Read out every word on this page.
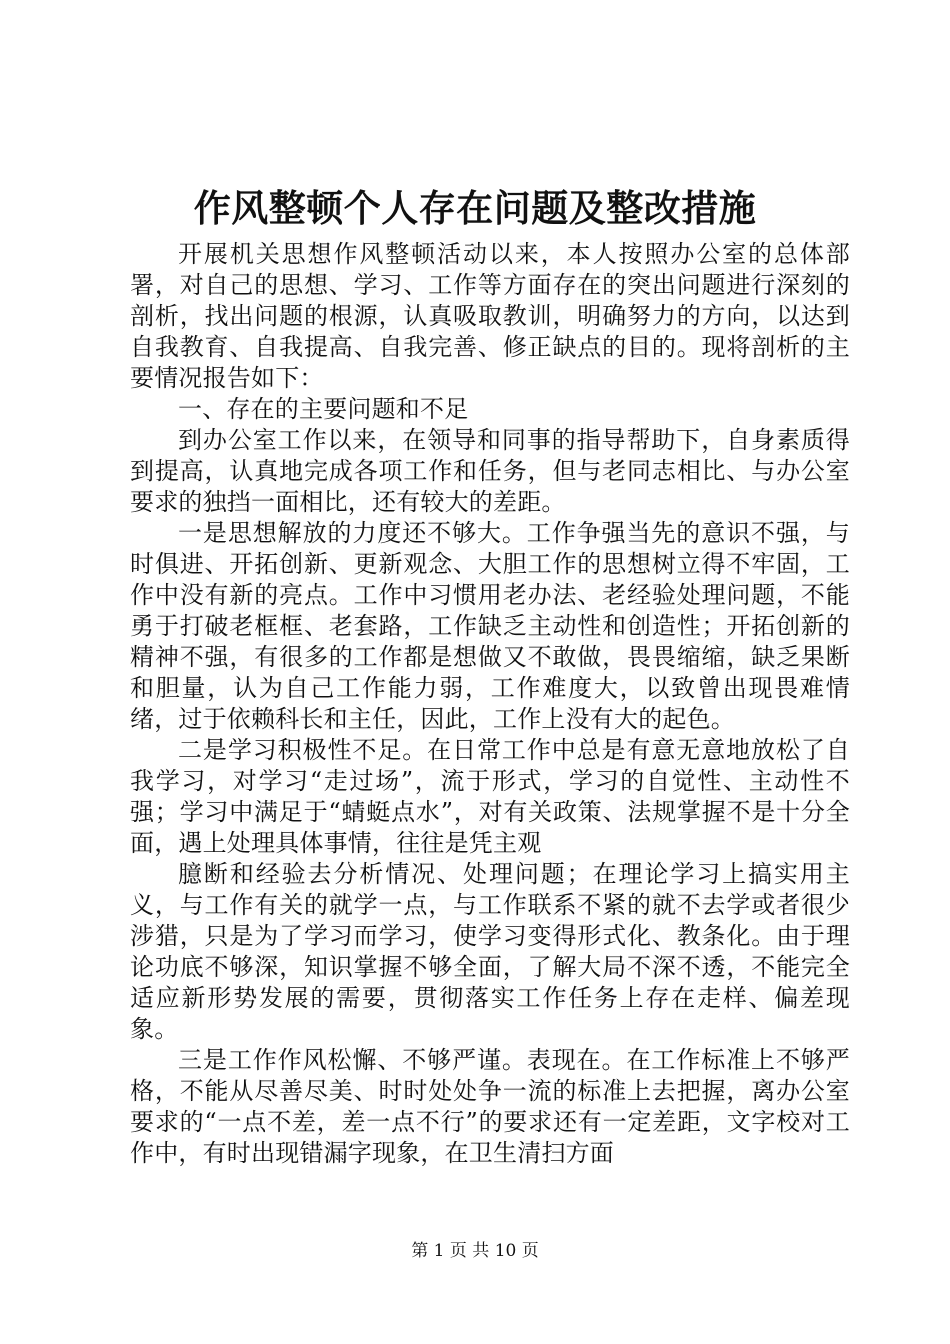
作风整顿个人存在问题及整改措施

开展机关思想作风整顿活动以来，本人按照办公室的总体部署，对自己的思想、学习、工作等方面存在的突出问题进行深刻的剖析，找出问题的根源，认真吸取教训，明确努力的方向，以达到自我教育、自我提高、自我完善、修正缺点的目的。现将剖析的主要情况报告如下：

一、存在的主要问题和不足

到办公室工作以来，在领导和同事的指导帮助下，自身素质得到提高，认真地完成各项工作和任务，但与老同志相比、与办公室要求的独挡一面相比，还有较大的差距。

一是思想解放的力度还不够大。工作争强当先的意识不强，与时俱进、开拓创新、更新观念、大胆工作的思想树立得不牢固，工作中没有新的亮点。工作中习惯用老办法、老经验处理问题，不能勇于打破老框框、老套路，工作缺乏主动性和创造性；开拓创新的精神不强，有很多的工作都是想做又不敢做，畏畏缩缩，缺乏果断和胆量，认为自己工作能力弱，工作难度大，以致曾出现畏难情绪，过于依赖科长和主任，因此，工作上没有大的起色。

二是学习积极性不足。在日常工作中总是有意无意地放松了自我学习，对学习“走过场”，流于形式，学习的自觉性、主动性不强；学习中满足于“蜻蜓点水”，对有关政策、法规掌握不是十分全面，遇上处理具体事情，往往是凭主观

臆断和经验去分析情况、处理问题；在理论学习上搞实用主义，与工作有关的就学一点，与工作联系不紧的就不去学或者很少涉猎，只是为了学习而学习，使学习变得形式化、教条化。由于理论功底不够深，知识掌握不够全面，了解大局不深不透，不能完全适应新形势发展的需要，贯彻落实工作任务上存在走样、偏差现象。

三是工作作风松懈、不够严谨。表现在。在工作标准上不够严格，不能从尽善尽美、时时处处争一流的标准上去把握，离办公室要求的“一点不差，差一点不行”的要求还有一定差距，文字校对工作中，有时出现错漏字现象，在卫生清扫方面

第 1 页 共 10 页
